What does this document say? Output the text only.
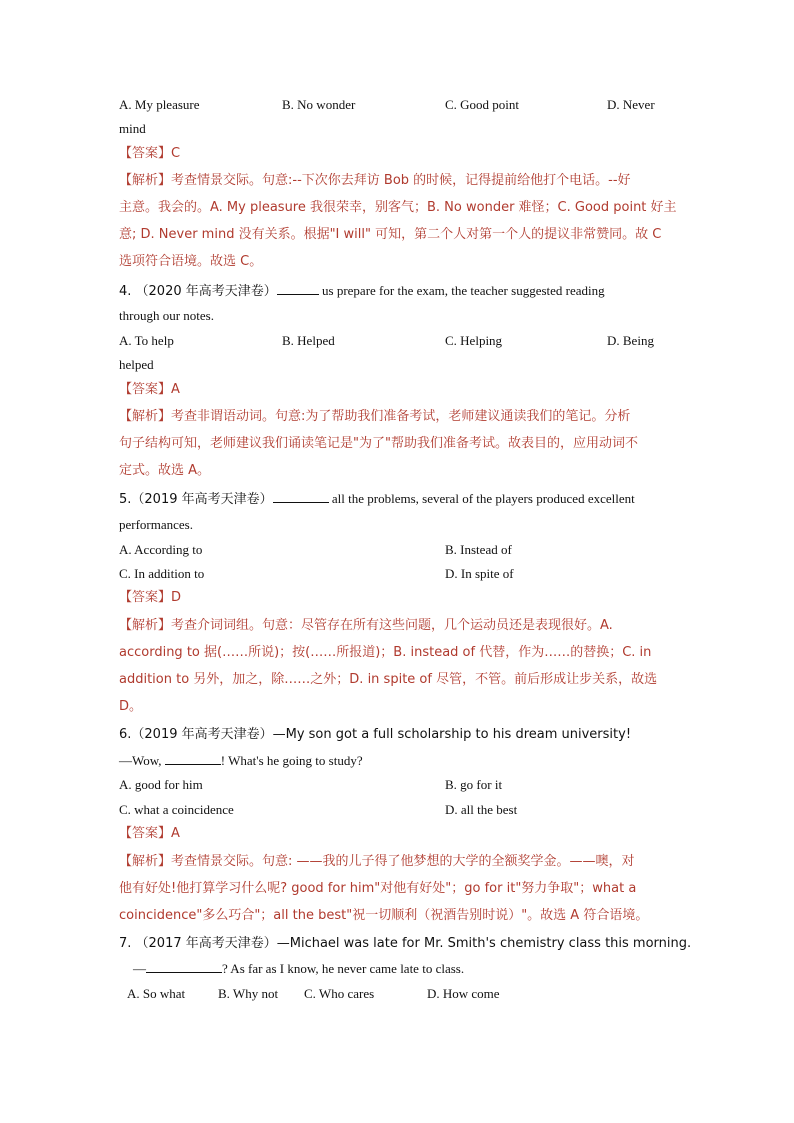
A. My pleasure	B. No wonder	C. Good point	D. Never
mind
【答案】C
【解析】考查情景交际。句意:--下次你去拜访 Bob 的时候，记得提前给他打个电话。--好
主意。我会的。A. My pleasure 我很荣幸，别客气；B. No wonder 难怪；C. Good point 好主
意; D. Never mind 没有关系。根据"I will" 可知，第二个人对第一个人的提议非常赞同。故 C
选项符合语境。故选 C。
4. （2020 年高考天津卷）	us prepare for the exam, the teacher suggested reading
through our notes.
A. To help	B. Helped	C. Helping	D. Being
helped
【答案】A
【解析】考查非谓语动词。句意:为了帮助我们准备考试，老师建议通读我们的笔记。分析
句子结构可知，老师建议我们诵读笔记是"为了"帮助我们准备考试。故表目的，应用动词不
定式。故选 A。
5.（2019 年高考天津卷）	all the problems, several of the players produced excellent
performances.
A. According to	B. Instead of
C. In addition to	D. In spite of
【答案】D
【解析】考查介词词组。句意：尽管存在所有这些问题，几个运动员还是表现很好。A.
according to 据(……所说)；按(……所报道)；B. instead of 代替，作为……的替换；C. in
addition to 另外，加之，除……之外；D. in spite of 尽管，不管。前后形成让步关系，故选
D。
6.（2019 年高考天津卷）—My son got a full scholarship to his dream university!
—Wow,	! What's he going to study?
A. good for him	B. go for it
C. what a coincidence	D. all the best
【答案】A
【解析】考查情景交际。句意: ——我的儿子得了他梦想的大学的全额奖学金。——噢，对
他有好处!他打算学习什么呢? good for him"对他有好处"；go for it"努力争取"；what a
coincidence"多么巧合"；all the best"祝一切顺利（祝酒告别时说）"。故选 A 符合语境。
7. （2017 年高考天津卷）—Michael was late for Mr. Smith's chemistry class this morning.
—	? As far as I know, he never came late to class.
A. So what	B. Why not C. Who cares	D. How come
